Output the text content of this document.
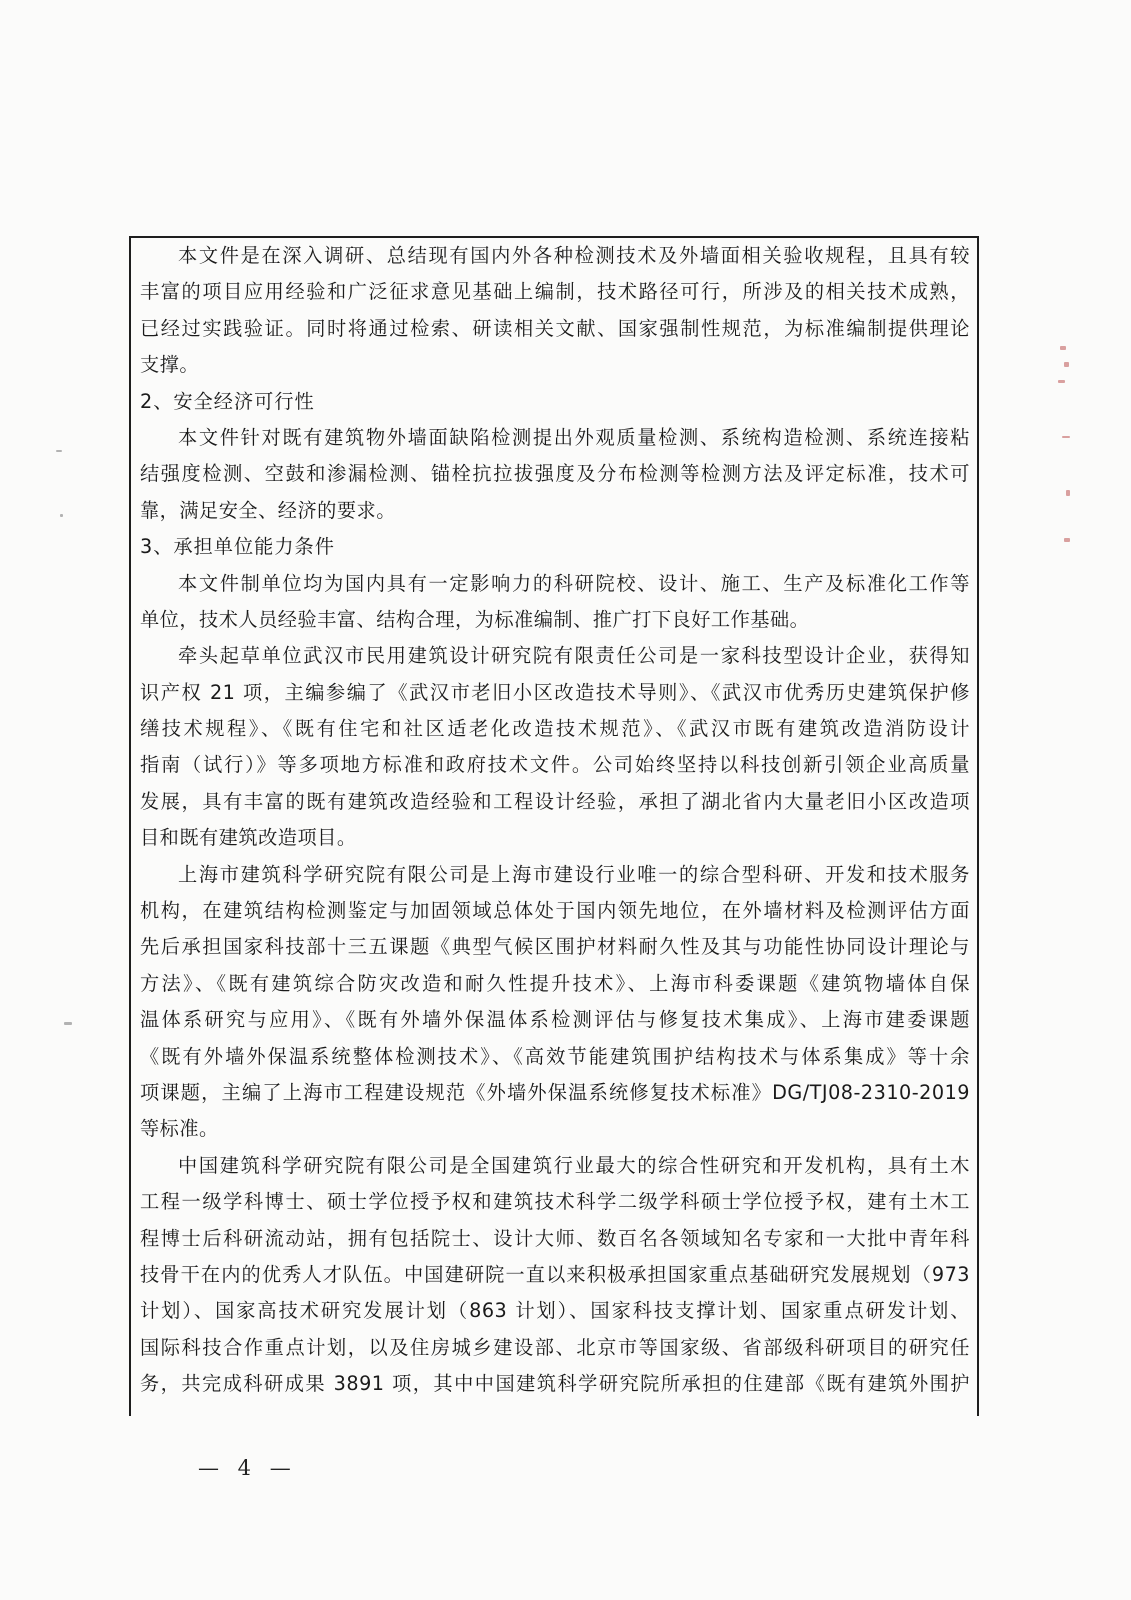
本文件是在深入调研、总结现有国内外各种检测技术及外墙面相关验收规程，且具有较
丰富的项目应用经验和广泛征求意见基础上编制，技术路径可行，所涉及的相关技术成熟，
已经过实践验证。同时将通过检索、研读相关文献、国家强制性规范，为标准编制提供理论
支撑。
2、安全经济可行性
本文件针对既有建筑物外墙面缺陷检测提出外观质量检测、系统构造检测、系统连接粘
结强度检测、空鼓和渗漏检测、锚栓抗拉拔强度及分布检测等检测方法及评定标准，技术可
靠，满足安全、经济的要求。
3、承担单位能力条件
本文件制单位均为国内具有一定影响力的科研院校、设计、施工、生产及标准化工作等
单位，技术人员经验丰富、结构合理，为标准编制、推广打下良好工作基础。
牵头起草单位武汉市民用建筑设计研究院有限责任公司是一家科技型设计企业，获得知
识产权 21 项，主编参编了《武汉市老旧小区改造技术导则》、《武汉市优秀历史建筑保护修
缮技术规程》、《既有住宅和社区适老化改造技术规范》、《武汉市既有建筑改造消防设计
指南（试行）》等多项地方标准和政府技术文件。公司始终坚持以科技创新引领企业高质量
发展，具有丰富的既有建筑改造经验和工程设计经验，承担了湖北省内大量老旧小区改造项
目和既有建筑改造项目。
上海市建筑科学研究院有限公司是上海市建设行业唯一的综合型科研、开发和技术服务
机构，在建筑结构检测鉴定与加固领域总体处于国内领先地位，在外墙材料及检测评估方面
先后承担国家科技部十三五课题《典型气候区围护材料耐久性及其与功能性协同设计理论与
方法》、《既有建筑综合防灾改造和耐久性提升技术》、上海市科委课题《建筑物墙体自保
温体系研究与应用》、《既有外墙外保温体系检测评估与修复技术集成》、上海市建委课题
《既有外墙外保温系统整体检测技术》、《高效节能建筑围护结构技术与体系集成》等十余
项课题，主编了上海市工程建设规范《外墙外保温系统修复技术标准》DG/TJ08-2310-2019
等标准。
中国建筑科学研究院有限公司是全国建筑行业最大的综合性研究和开发机构，具有土木
工程一级学科博士、硕士学位授予权和建筑技术科学二级学科硕士学位授予权，建有土木工
程博士后科研流动站，拥有包括院士、设计大师、数百名各领域知名专家和一大批中青年科
技骨干在内的优秀人才队伍。中国建研院一直以来积极承担国家重点基础研究发展规划（973
计划）、国家高技术研究发展计划（863 计划）、国家科技支撑计划、国家重点研发计划、
国际科技合作重点计划，以及住房城乡建设部、北京市等国家级、省部级科研项目的研究任
务，共完成科研成果 3891 项，其中中国建筑科学研究院所承担的住建部《既有建筑外围护
— 4 —
